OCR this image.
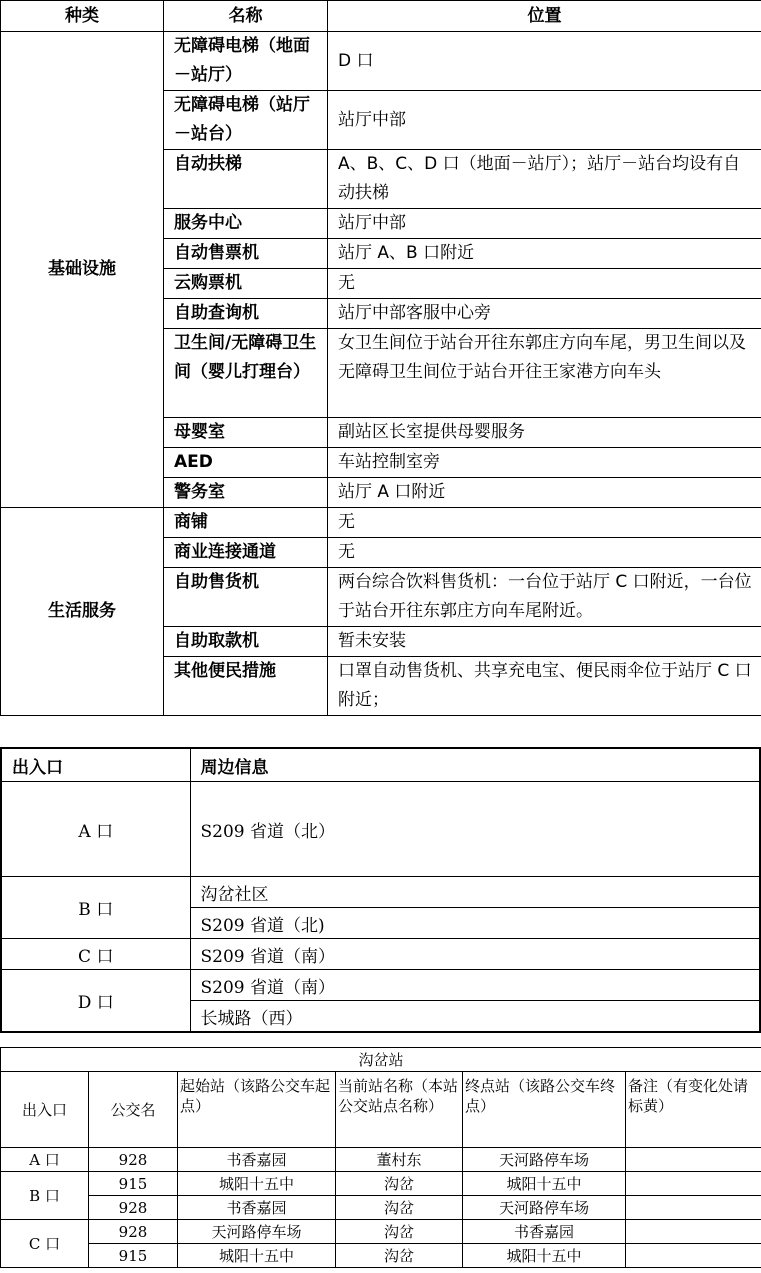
种类	名称	位置
基础设施	无障碍电梯（地面－站厅）	D 口
	无障碍电梯（站厅－站台）	站厅中部
	自动扶梯	A、B、C、D 口（地面－站厅）；站厅－站台均设有自动扶梯
	服务中心	站厅中部
	自动售票机	站厅 A、B 口附近
	云购票机	无
	自助查询机	站厅中部客服中心旁
	卫生间/无障碍卫生间（婴儿打理台）	女卫生间位于站台开往东郭庄方向车尾，男卫生间以及无障碍卫生间位于站台开往王家港方向车头
	母婴室	副站区长室提供母婴服务
	AED	车站控制室旁
	警务室	站厅 A 口附近
生活服务	商铺	无
	商业连接通道	无
	自助售货机	两台综合饮料售货机：一台位于站厅 C 口附近，一台位于站台开往东郭庄方向车尾附近。
	自助取款机	暂未安装
	其他便民措施	口罩自动售货机、共享充电宝、便民雨伞位于站厅 C 口附近；
出入口	周边信息
A 口	S209 省道（北）
B 口	沟岔社区
	S209 省道（北)
C 口	S209 省道（南）
D 口	S209 省道（南）
	长城路（西）
沟岔站					
出入口	公交名	起始站（该路公交车起点）	当前站名称（本站公交站点名称）	终点站（该路公交车终点）	备注（有变化处请标黄）
A 口	928	书香嘉园	董村东	天河路停车场	
B 口	915	城阳十五中	沟岔	城阳十五中	
	928	书香嘉园	沟岔	天河路停车场	
C 口	928	天河路停车场	沟岔	书香嘉园	
	915	城阳十五中	沟岔	城阳十五中	
